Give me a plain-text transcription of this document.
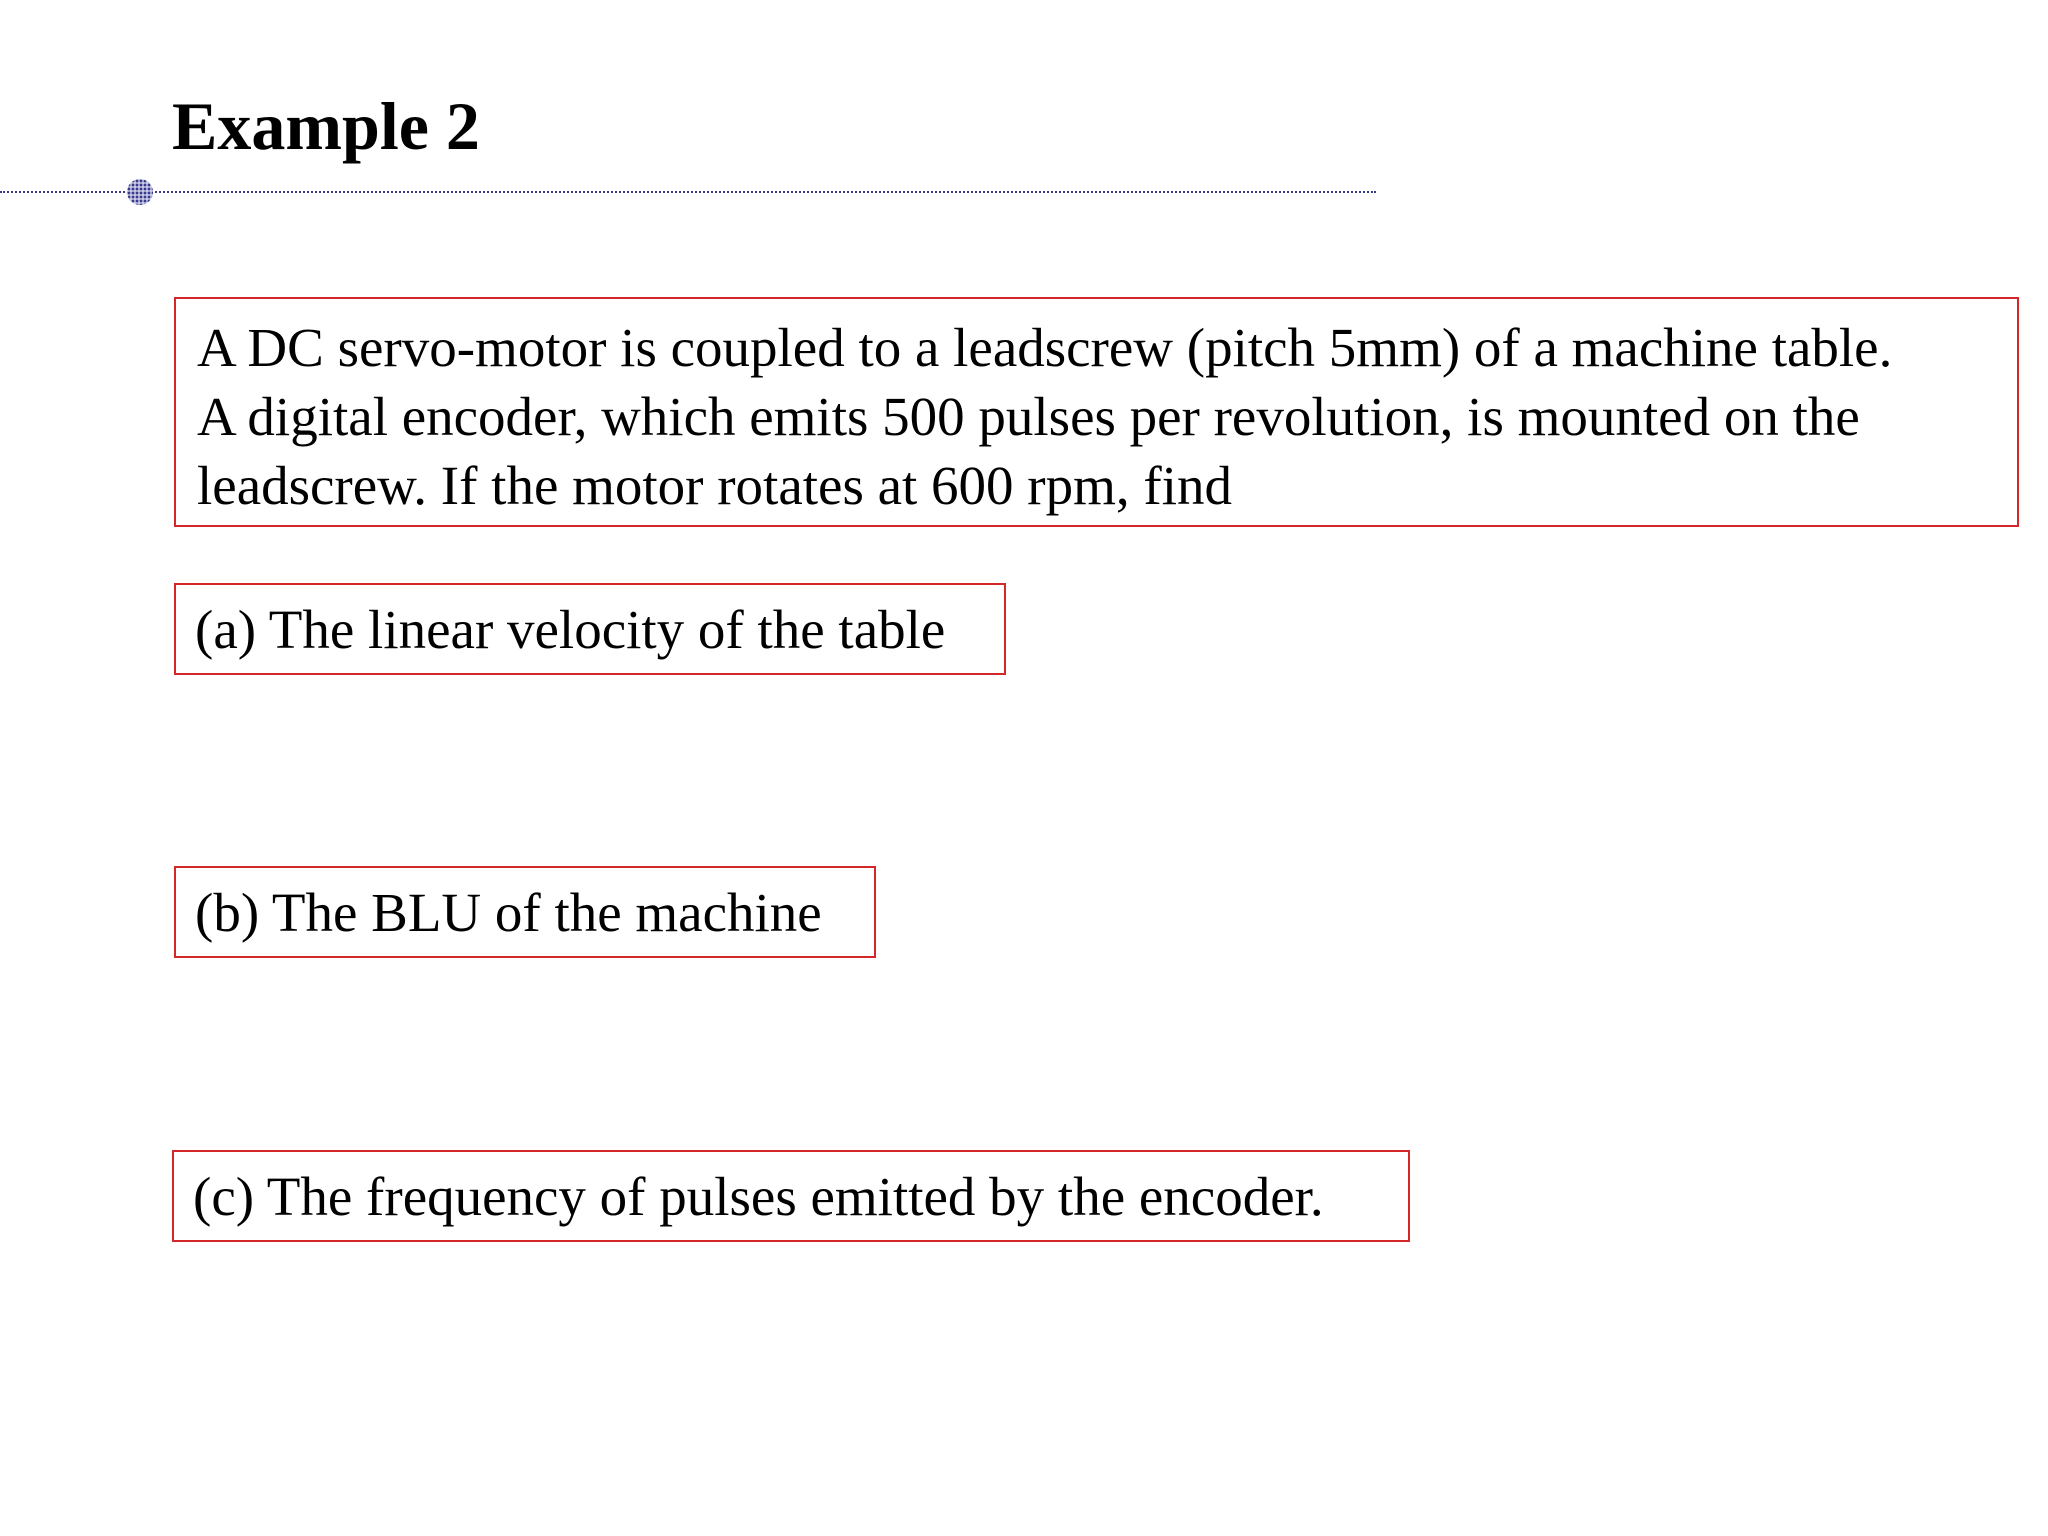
Example 2
A DC servo-motor is coupled to a leadscrew (pitch 5mm) of a machine table.
A digital encoder, which emits 500 pulses per revolution, is mounted on the
leadscrew. If the motor rotates at 600 rpm, find
(a) The linear velocity of the table
(b) The BLU of the machine
(c) The frequency of pulses emitted by the encoder.
